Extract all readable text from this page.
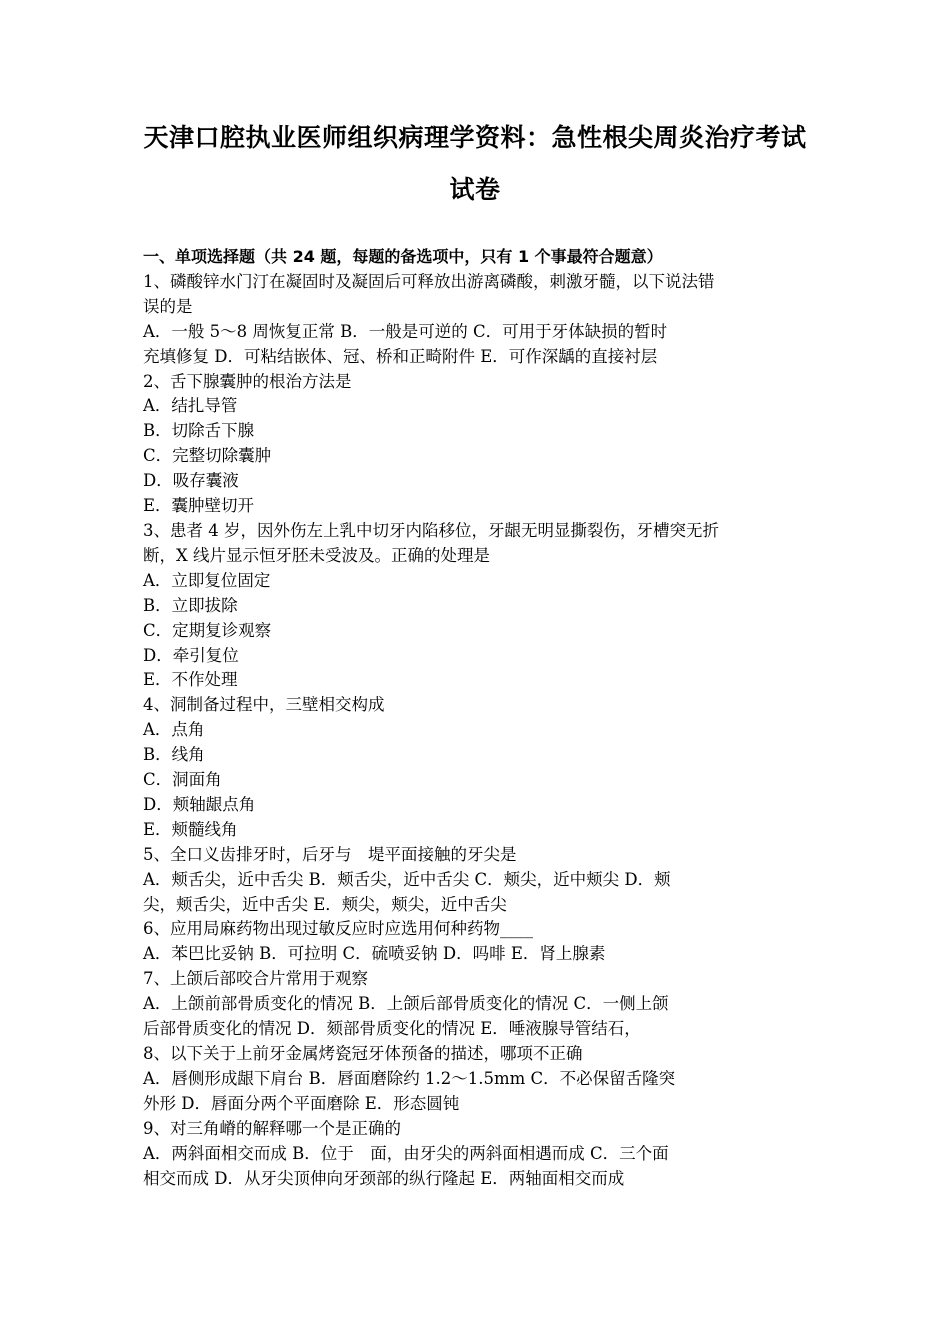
天津口腔执业医师组织病理学资料：急性根尖周炎治疗考试
试卷
一、单项选择题（共 24 题，每题的备选项中，只有 1 个事最符合题意）
1、磷酸锌水门汀在凝固时及凝固后可释放出游离磷酸，刺激牙髓，以下说法错
误的是
A．一般 5～8 周恢复正常 B．一般是可逆的 C．可用于牙体缺损的暂时
充填修复 D．可粘结嵌体、冠、桥和正畸附件 E．可作深龋的直接衬层
2、舌下腺囊肿的根治方法是
A．结扎导管
B．切除舌下腺
C．完整切除囊肿
D．吸存囊液
E．囊肿壁切开
3、患者 4 岁，因外伤左上乳中切牙内陷移位，牙龈无明显撕裂伤，牙槽突无折
断，X 线片显示恒牙胚未受波及。正确的处理是
A．立即复位固定
B．立即拔除
C．定期复诊观察
D．牵引复位
E．不作处理
4、洞制备过程中，三壁相交构成
A．点角
B．线角
C．洞面角
D．颊轴龈点角
E．颊髓线角
5、全口义齿排牙时，后牙与　堤平面接触的牙尖是
A．颊舌尖，近中舌尖 B．颊舌尖，近中舌尖 C．颊尖，近中颊尖 D．颊
尖，颊舌尖，近中舌尖 E．颊尖，颊尖，近中舌尖
6、应用局麻药物出现过敏反应时应选用何种药物____
A．苯巴比妥钠 B．可拉明 C．硫喷妥钠 D．吗啡 E．肾上腺素
7、上颌后部咬合片常用于观察
A．上颌前部骨质变化的情况 B．上颌后部骨质变化的情况 C．一侧上颌
后部骨质变化的情况 D．颏部骨质变化的情况 E．唾液腺导管结石，
8、以下关于上前牙金属烤瓷冠牙体预备的描述，哪项不正确
A．唇侧形成龈下肩台 B．唇面磨除约 1.2～1.5mm C．不必保留舌隆突
外形 D．唇面分两个平面磨除 E．形态圆钝
9、对三角嵴的解释哪一个是正确的
A．两斜面相交而成 B．位于　面，由牙尖的两斜面相遇而成 C．三个面
相交而成 D．从牙尖顶伸向牙颈部的纵行隆起 E．两轴面相交而成
